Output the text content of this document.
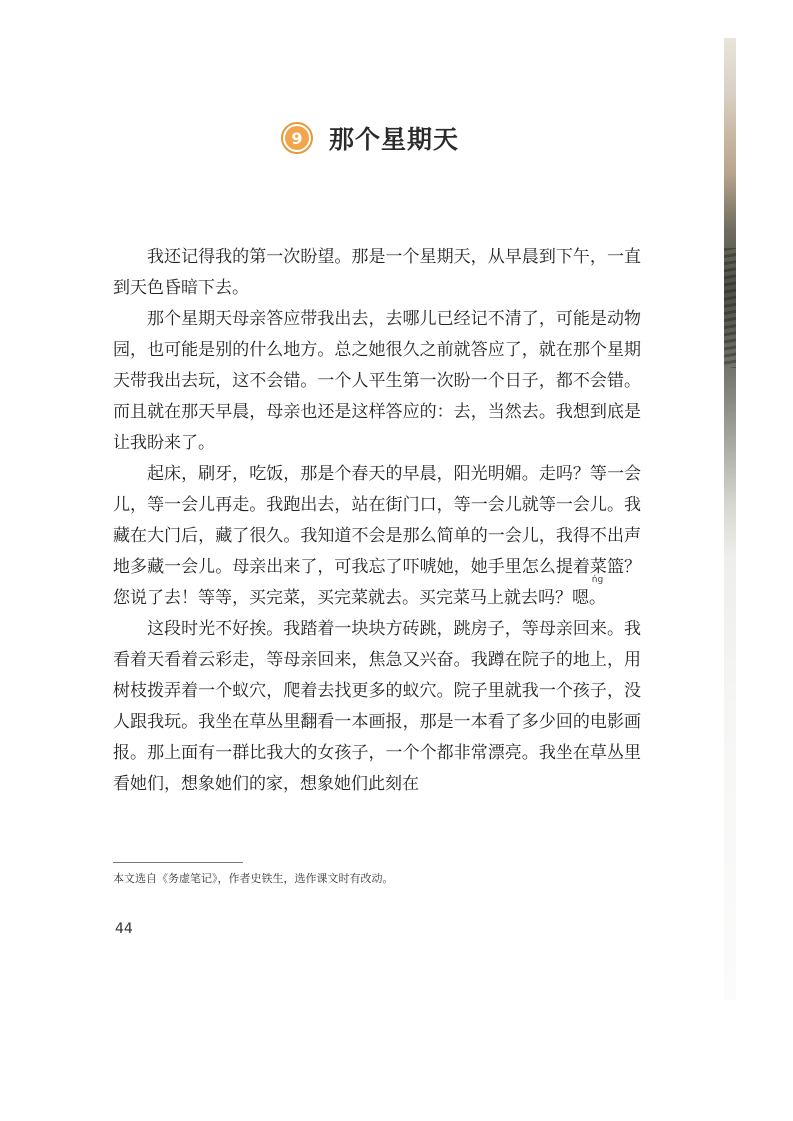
9 那个星期天

我还记得我的第一次盼望。那是一个星期天，从早晨到下午，一直到天色昏暗下去。

那个星期天母亲答应带我出去，去哪儿已经记不清了，可能是动物园，也可能是别的什么地方。总之她很久之前就答应了，就在那个星期天带我出去玩，这不会错。一个人平生第一次盼一个日子，都不会错。而且就在那天早晨，母亲也还是这样答应的：去，当然去。我想到底是让我盼来了。

起床，刷牙，吃饭，那是个春天的早晨，阳光明媚。走吗？等一会儿，等一会儿再走。我跑出去，站在街门口，等一会儿就等一会儿。我藏在大门后，藏了很久。我知道不会是那么简单的一会儿，我得不出声地多藏一会儿。母亲出来了，可我忘了吓唬她，她手里怎么提着菜篮？您说了去！等等，买完菜，买完菜就去。买完菜马上就去吗？
ńg
嗯。

这段时光不好挨。我踏着一块块方砖跳，跳房子，等母亲回来。我看着天看着云彩走，等母亲回来，焦急又兴奋。我蹲在院子的地上，用树枝拨弄着一个蚁穴，爬着去找更多的蚁穴。院子里就我一个孩子，没人跟我玩。我坐在草丛里翻看一本画报，那是一本看了多少回的电影画报。那上面有一群比我大的女孩子，一个个都非常漂亮。我坐在草丛里看她们，想象她们的家，想象她们此刻在

本文选自《务虚笔记》，作者史铁生，选作课文时有改动。
44
